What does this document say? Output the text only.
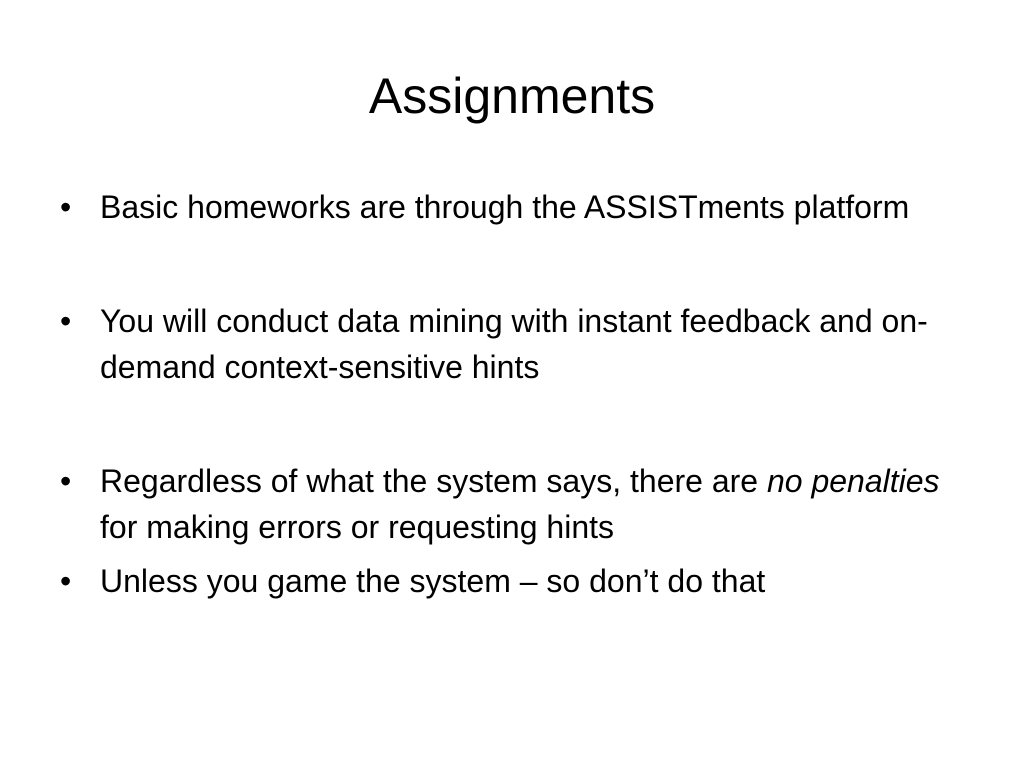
Assignments
• Basic homeworks are through the ASSISTments platform
• You will conduct data mining with instant feedback and on-demand context-sensitive hints
• Regardless of what the system says, there are no penalties for making errors or requesting hints
• Unless you game the system – so don’t do that
